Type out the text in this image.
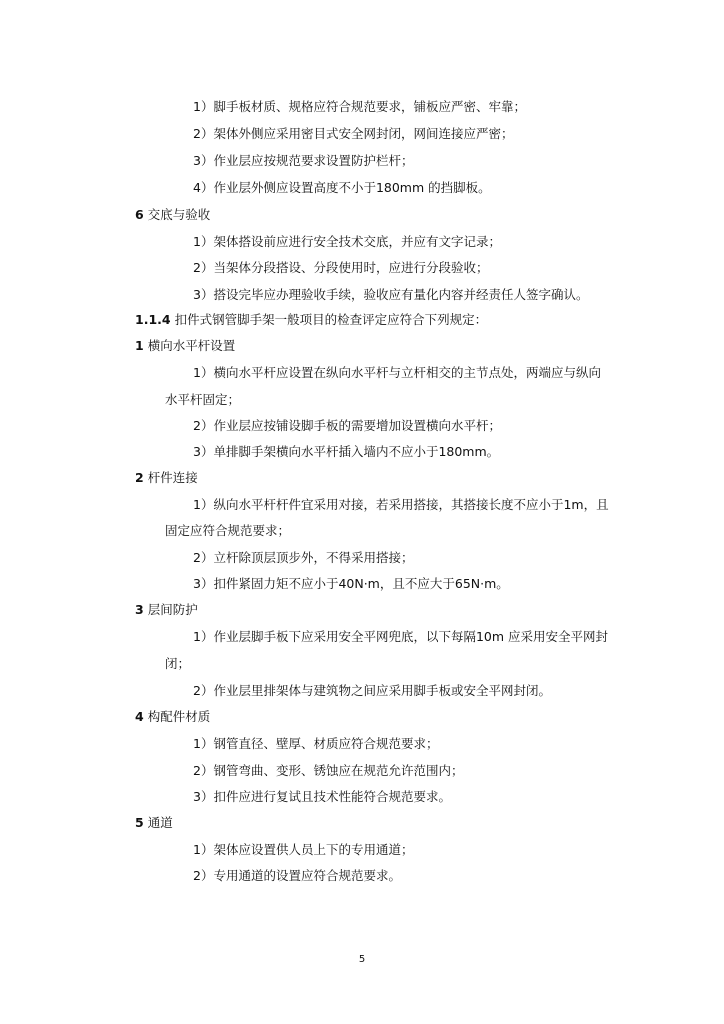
1）脚手板材质、规格应符合规范要求，铺板应严密、牢靠；
2）架体外侧应采用密目式安全网封闭，网间连接应严密；
3）作业层应按规范要求设置防护栏杆；
4）作业层外侧应设置高度不小于180mm 的挡脚板。
6 交底与验收
1）架体搭设前应进行安全技术交底，并应有文字记录；
2）当架体分段搭设、分段使用时，应进行分段验收；
3）搭设完毕应办理验收手续，验收应有量化内容并经责任人签字确认。
1.1.4 扣件式钢管脚手架一般项目的检查评定应符合下列规定：
1 横向水平杆设置
1）横向水平杆应设置在纵向水平杆与立杆相交的主节点处，两端应与纵向
水平杆固定；
2）作业层应按铺设脚手板的需要增加设置横向水平杆；
3）单排脚手架横向水平杆插入墙内不应小于180mm。
2 杆件连接
1）纵向水平杆杆件宜采用对接，若采用搭接，其搭接长度不应小于1m，且
固定应符合规范要求；
2）立杆除顶层顶步外，不得采用搭接；
3）扣件紧固力矩不应小于40N·m，且不应大于65N·m。
3 层间防护
1）作业层脚手板下应采用安全平网兜底，以下每隔10m 应采用安全平网封
闭；
2）作业层里排架体与建筑物之间应采用脚手板或安全平网封闭。
4 构配件材质
1）钢管直径、壁厚、材质应符合规范要求；
2）钢管弯曲、变形、锈蚀应在规范允许范围内；
3）扣件应进行复试且技术性能符合规范要求。
5 通道
1）架体应设置供人员上下的专用通道；
2）专用通道的设置应符合规范要求。
5
